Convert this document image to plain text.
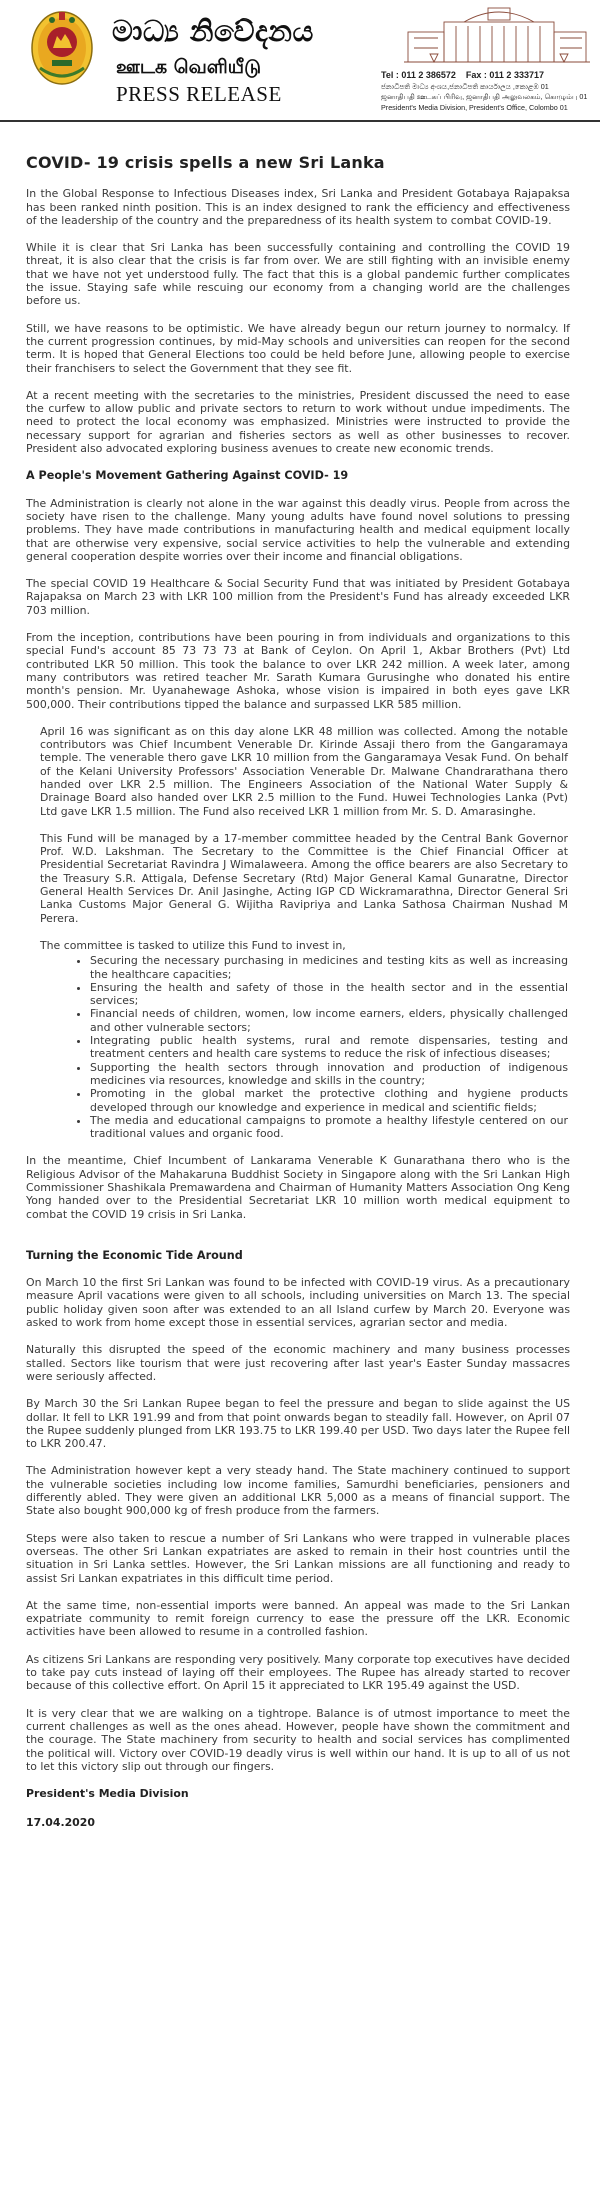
මාධ්‍ය නිවේදනය
ஊடக வெளியீடு
PRESS RELEASE
Tel : 011 2 386572 Fax : 011 2 333717
ජනාධිපති මාධ්‍ය අංශය,ජනාධිපති කාර්යාලය ,කොළඹ 01
ஜனாதிபதி ஊடகப் பிரிவு, ஜனாதிபதி அலுவலகம், கொழும்பு 01
President's Media Division, President's Office, Colombo 01
COVID- 19 crisis spells a new Sri Lanka

In the Global Response to Infectious Diseases index, Sri Lanka and President Gotabaya Rajapaksa has been ranked ninth position. This is an index designed to rank the efficiency and effectiveness of the leadership of the country and the preparedness of its health system to combat COVID-19.

While it is clear that Sri Lanka has been successfully containing and controlling the COVID 19 threat, it is also clear that the crisis is far from over. We are still fighting with an invisible enemy that we have not yet understood fully. The fact that this is a global pandemic further complicates the issue. Staying safe while rescuing our economy from a changing world are the challenges before us.

Still, we have reasons to be optimistic. We have already begun our return journey to normalcy. If the current progression continues, by mid-May schools and universities can reopen for the second term. It is hoped that General Elections too could be held before June, allowing people to exercise their franchisers to select the Government that they see fit.

At a recent meeting with the secretaries to the ministries, President discussed the need to ease the curfew to allow public and private sectors to return to work without undue impediments. The need to protect the local economy was emphasized. Ministries were instructed to provide the necessary support for agrarian and fisheries sectors as well as other businesses to recover. President also advocated exploring business avenues to create new economic trends.

A People's Movement Gathering Against COVID- 19

The Administration is clearly not alone in the war against this deadly virus. People from across the society have risen to the challenge. Many young adults have found novel solutions to pressing problems. They have made contributions in manufacturing health and medical equipment locally that are otherwise very expensive, social service activities to help the vulnerable and extending general cooperation despite worries over their income and financial obligations.

The special COVID 19 Healthcare & Social Security Fund that was initiated by President Gotabaya Rajapaksa on March 23 with LKR 100 million from the President's Fund has already exceeded LKR 703 million.

From the inception, contributions have been pouring in from individuals and organizations to this special Fund's account 85 73 73 73 at Bank of Ceylon. On April 1, Akbar Brothers (Pvt) Ltd contributed LKR 50 million. This took the balance to over LKR 242 million. A week later, among many contributors was retired teacher Mr. Sarath Kumara Gurusinghe who donated his entire month's pension. Mr. Uyanahewage Ashoka, whose vision is impaired in both eyes gave LKR 500,000. Their contributions tipped the balance and surpassed LKR 585 million.

April 16 was significant as on this day alone LKR 48 million was collected. Among the notable contributors was Chief Incumbent Venerable Dr. Kirinde Assaji thero from the Gangaramaya temple. The venerable thero gave LKR 10 million from the Gangaramaya Vesak Fund. On behalf of the Kelani University Professors' Association Venerable Dr. Malwane Chandrarathana thero handed over LKR 2.5 million. The Engineers Association of the National Water Supply & Drainage Board also handed over LKR 2.5 million to the Fund. Huwei Technologies Lanka (Pvt) Ltd gave LKR 1.5 million. The Fund also received LKR 1 million from Mr. S. D. Amarasinghe.

This Fund will be managed by a 17-member committee headed by the Central Bank Governor Prof. W.D. Lakshman. The Secretary to the Committee is the Chief Financial Officer at Presidential Secretariat Ravindra J Wimalaweera. Among the office bearers are also Secretary to the Treasury S.R. Attigala, Defense Secretary (Rtd) Major General Kamal Gunaratne, Director General Health Services Dr. Anil Jasinghe, Acting IGP CD Wickramarathna, Director General Sri Lanka Customs Major General G. Wijitha Ravipriya and Lanka Sathosa Chairman Nushad M Perera.

The committee is tasked to utilize this Fund to invest in,

• Securing the necessary purchasing in medicines and testing kits as well as increasing the healthcare capacities;
• Ensuring the health and safety of those in the health sector and in the essential services;
• Financial needs of children, women, low income earners, elders, physically challenged and other vulnerable sectors;
• Integrating public health systems, rural and remote dispensaries, testing and treatment centers and health care systems to reduce the risk of infectious diseases;
• Supporting the health sectors through innovation and production of indigenous medicines via resources, knowledge and skills in the country;
• Promoting in the global market the protective clothing and hygiene products developed through our knowledge and experience in medical and scientific fields;
• The media and educational campaigns to promote a healthy lifestyle centered on our traditional values and organic food.

In the meantime, Chief Incumbent of Lankarama Venerable K Gunarathana thero who is the Religious Advisor of the Mahakaruna Buddhist Society in Singapore along with the Sri Lankan High Commissioner Shashikala Premawardena and Chairman of Humanity Matters Association Ong Keng Yong handed over to the Presidential Secretariat LKR 10 million worth medical equipment to combat the COVID 19 crisis in Sri Lanka.

Turning the Economic Tide Around

On March 10 the first Sri Lankan was found to be infected with COVID-19 virus. As a precautionary measure April vacations were given to all schools, including universities on March 13. The special public holiday given soon after was extended to an all Island curfew by March 20. Everyone was asked to work from home except those in essential services, agrarian sector and media.

Naturally this disrupted the speed of the economic machinery and many business processes stalled. Sectors like tourism that were just recovering after last year's Easter Sunday massacres were seriously affected.

By March 30 the Sri Lankan Rupee began to feel the pressure and began to slide against the US dollar. It fell to LKR 191.99 and from that point onwards began to steadily fall. However, on April 07 the Rupee suddenly plunged from LKR 193.75 to LKR 199.40 per USD. Two days later the Rupee fell to LKR 200.47.

The Administration however kept a very steady hand. The State machinery continued to support the vulnerable societies including low income families, Samurdhi beneficiaries, pensioners and differently abled. They were given an additional LKR 5,000 as a means of financial support. The State also bought 900,000 kg of fresh produce from the farmers.

Steps were also taken to rescue a number of Sri Lankans who were trapped in vulnerable places overseas. The other Sri Lankan expatriates are asked to remain in their host countries until the situation in Sri Lanka settles. However, the Sri Lankan missions are all functioning and ready to assist Sri Lankan expatriates in this difficult time period.

At the same time, non-essential imports were banned. An appeal was made to the Sri Lankan expatriate community to remit foreign currency to ease the pressure off the LKR. Economic activities have been allowed to resume in a controlled fashion.

As citizens Sri Lankans are responding very positively. Many corporate top executives have decided to take pay cuts instead of laying off their employees. The Rupee has already started to recover because of this collective effort. On April 15 it appreciated to LKR 195.49 against the USD.

It is very clear that we are walking on a tightrope. Balance is of utmost importance to meet the current challenges as well as the ones ahead. However, people have shown the commitment and the courage. The State machinery from security to health and social services has complimented the political will. Victory over COVID-19 deadly virus is well within our hand. It is up to all of us not to let this victory slip out through our fingers.

President's Media Division
17.04.2020
